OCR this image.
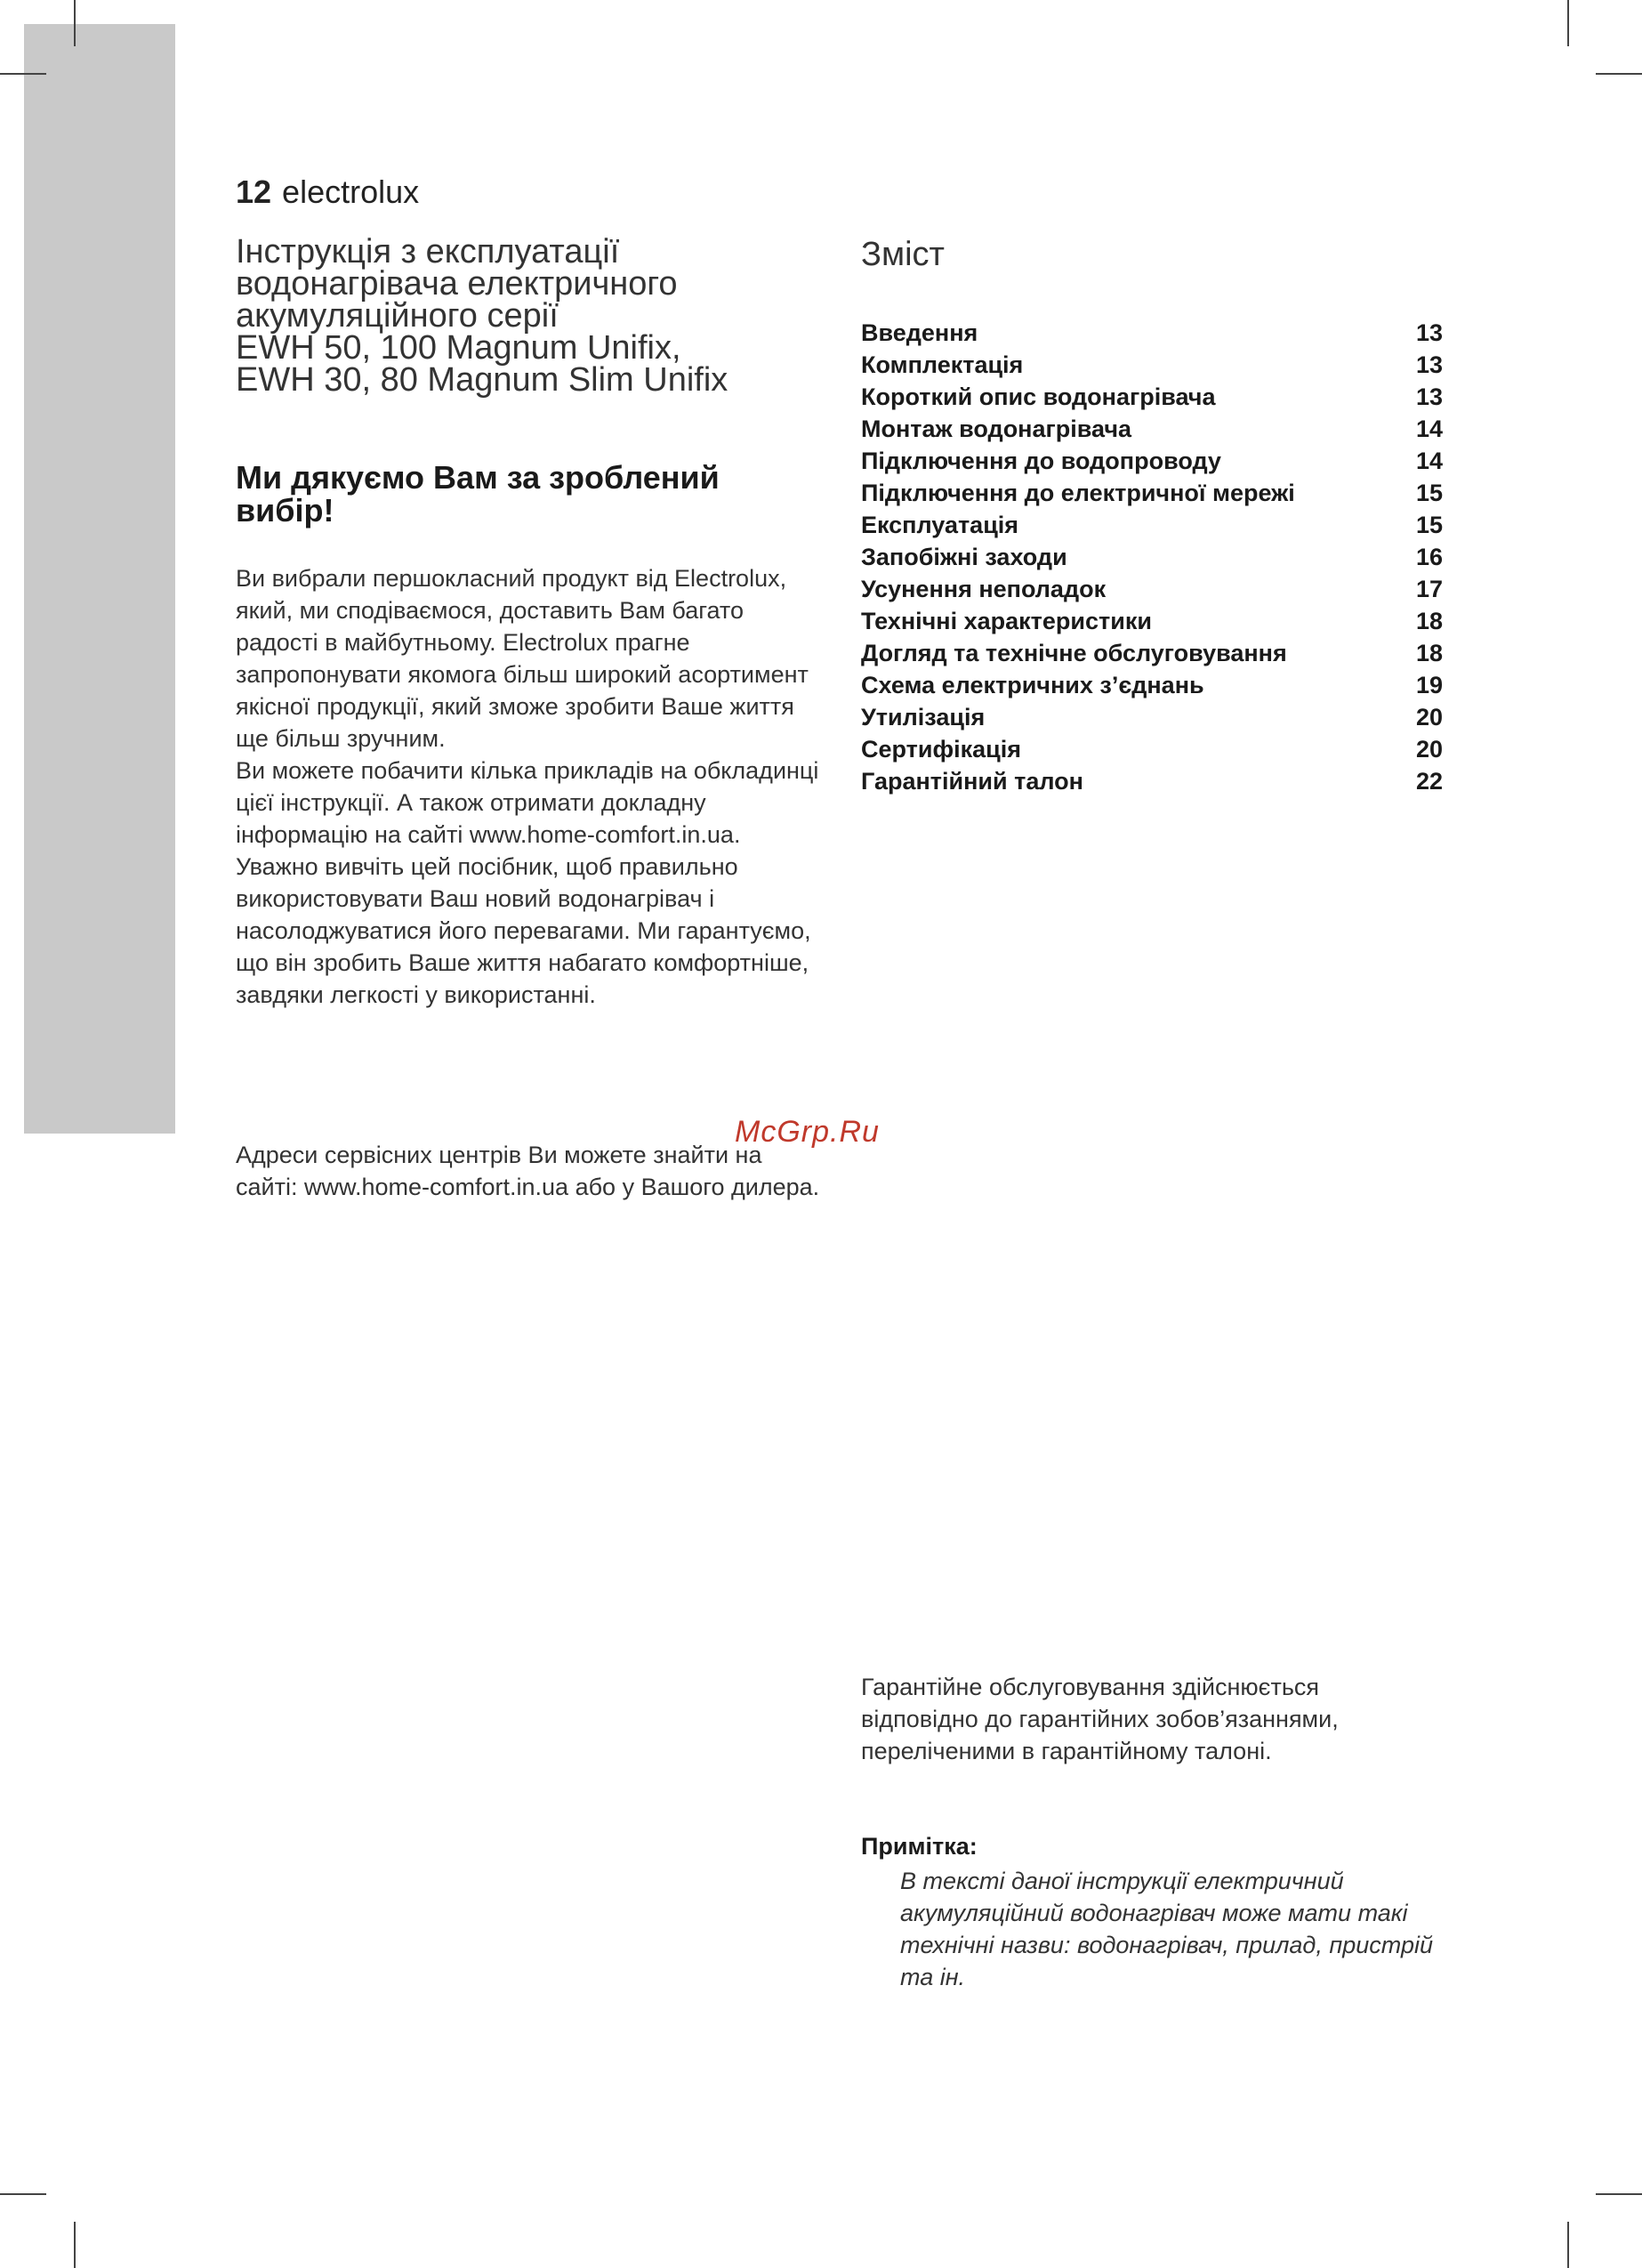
12 electrolux
Інструкція з експлуатації
водонагрівача електричного
акумуляційного серії
EWH 50, 100 Magnum Unifix,
EWH 30, 80 Magnum Slim Unifix
Ми дякуємо Вам за зроблений вибір!

Ви вибрали першокласний продукт від Electrolux, який, ми сподіваємося, доставить Вам багато радості в майбутньому. Electrolux прагне запропонувати якомога більш широкий асортимент якісної продукції, який зможе зробити Ваше життя ще більш зручним.

Ви можете побачити кілька прикладів на обкладинці цієї інструкції. А також отримати докладну інформацію на сайті www.home-comfort.in.ua.

Уважно вивчіть цей посібник, щоб правильно використовувати Ваш новий водонагрівач і насолоджуватися його перевагами. Ми гарантуємо, що він зробить Ваше життя набагато комфортніше, завдяки легкості у використанні.

Адреси сервісних центрів Ви можете знайти на сайті: www.home-comfort.in.ua або у Вашого дилера.

McGrp.Ru
Зміст
Введення	13
Комплектація	13
Короткий опис водонагрівача	13
Монтаж водонагрівача	14
Підключення до водопроводу	14
Підключення до електричної мережі	15
Експлуатація	15
Запобіжні заходи	16
Усунення неполадок	17
Технічні характеристики	18
Догляд та технічне обслуговування	18
Схема електричних з’єднань	19
Утилізація	20
Сертифікація	20
Гарантійний талон	22

Гарантійне обслуговування здійснюється відповідно до гарантійних зобов’язаннями, переліченими в гарантійному талоні.

Примітка:

В тексті даної інструкції електричний акумуляційний водонагрівач може мати такі технічні назви: водонагрівач, прилад, пристрій та ін.
